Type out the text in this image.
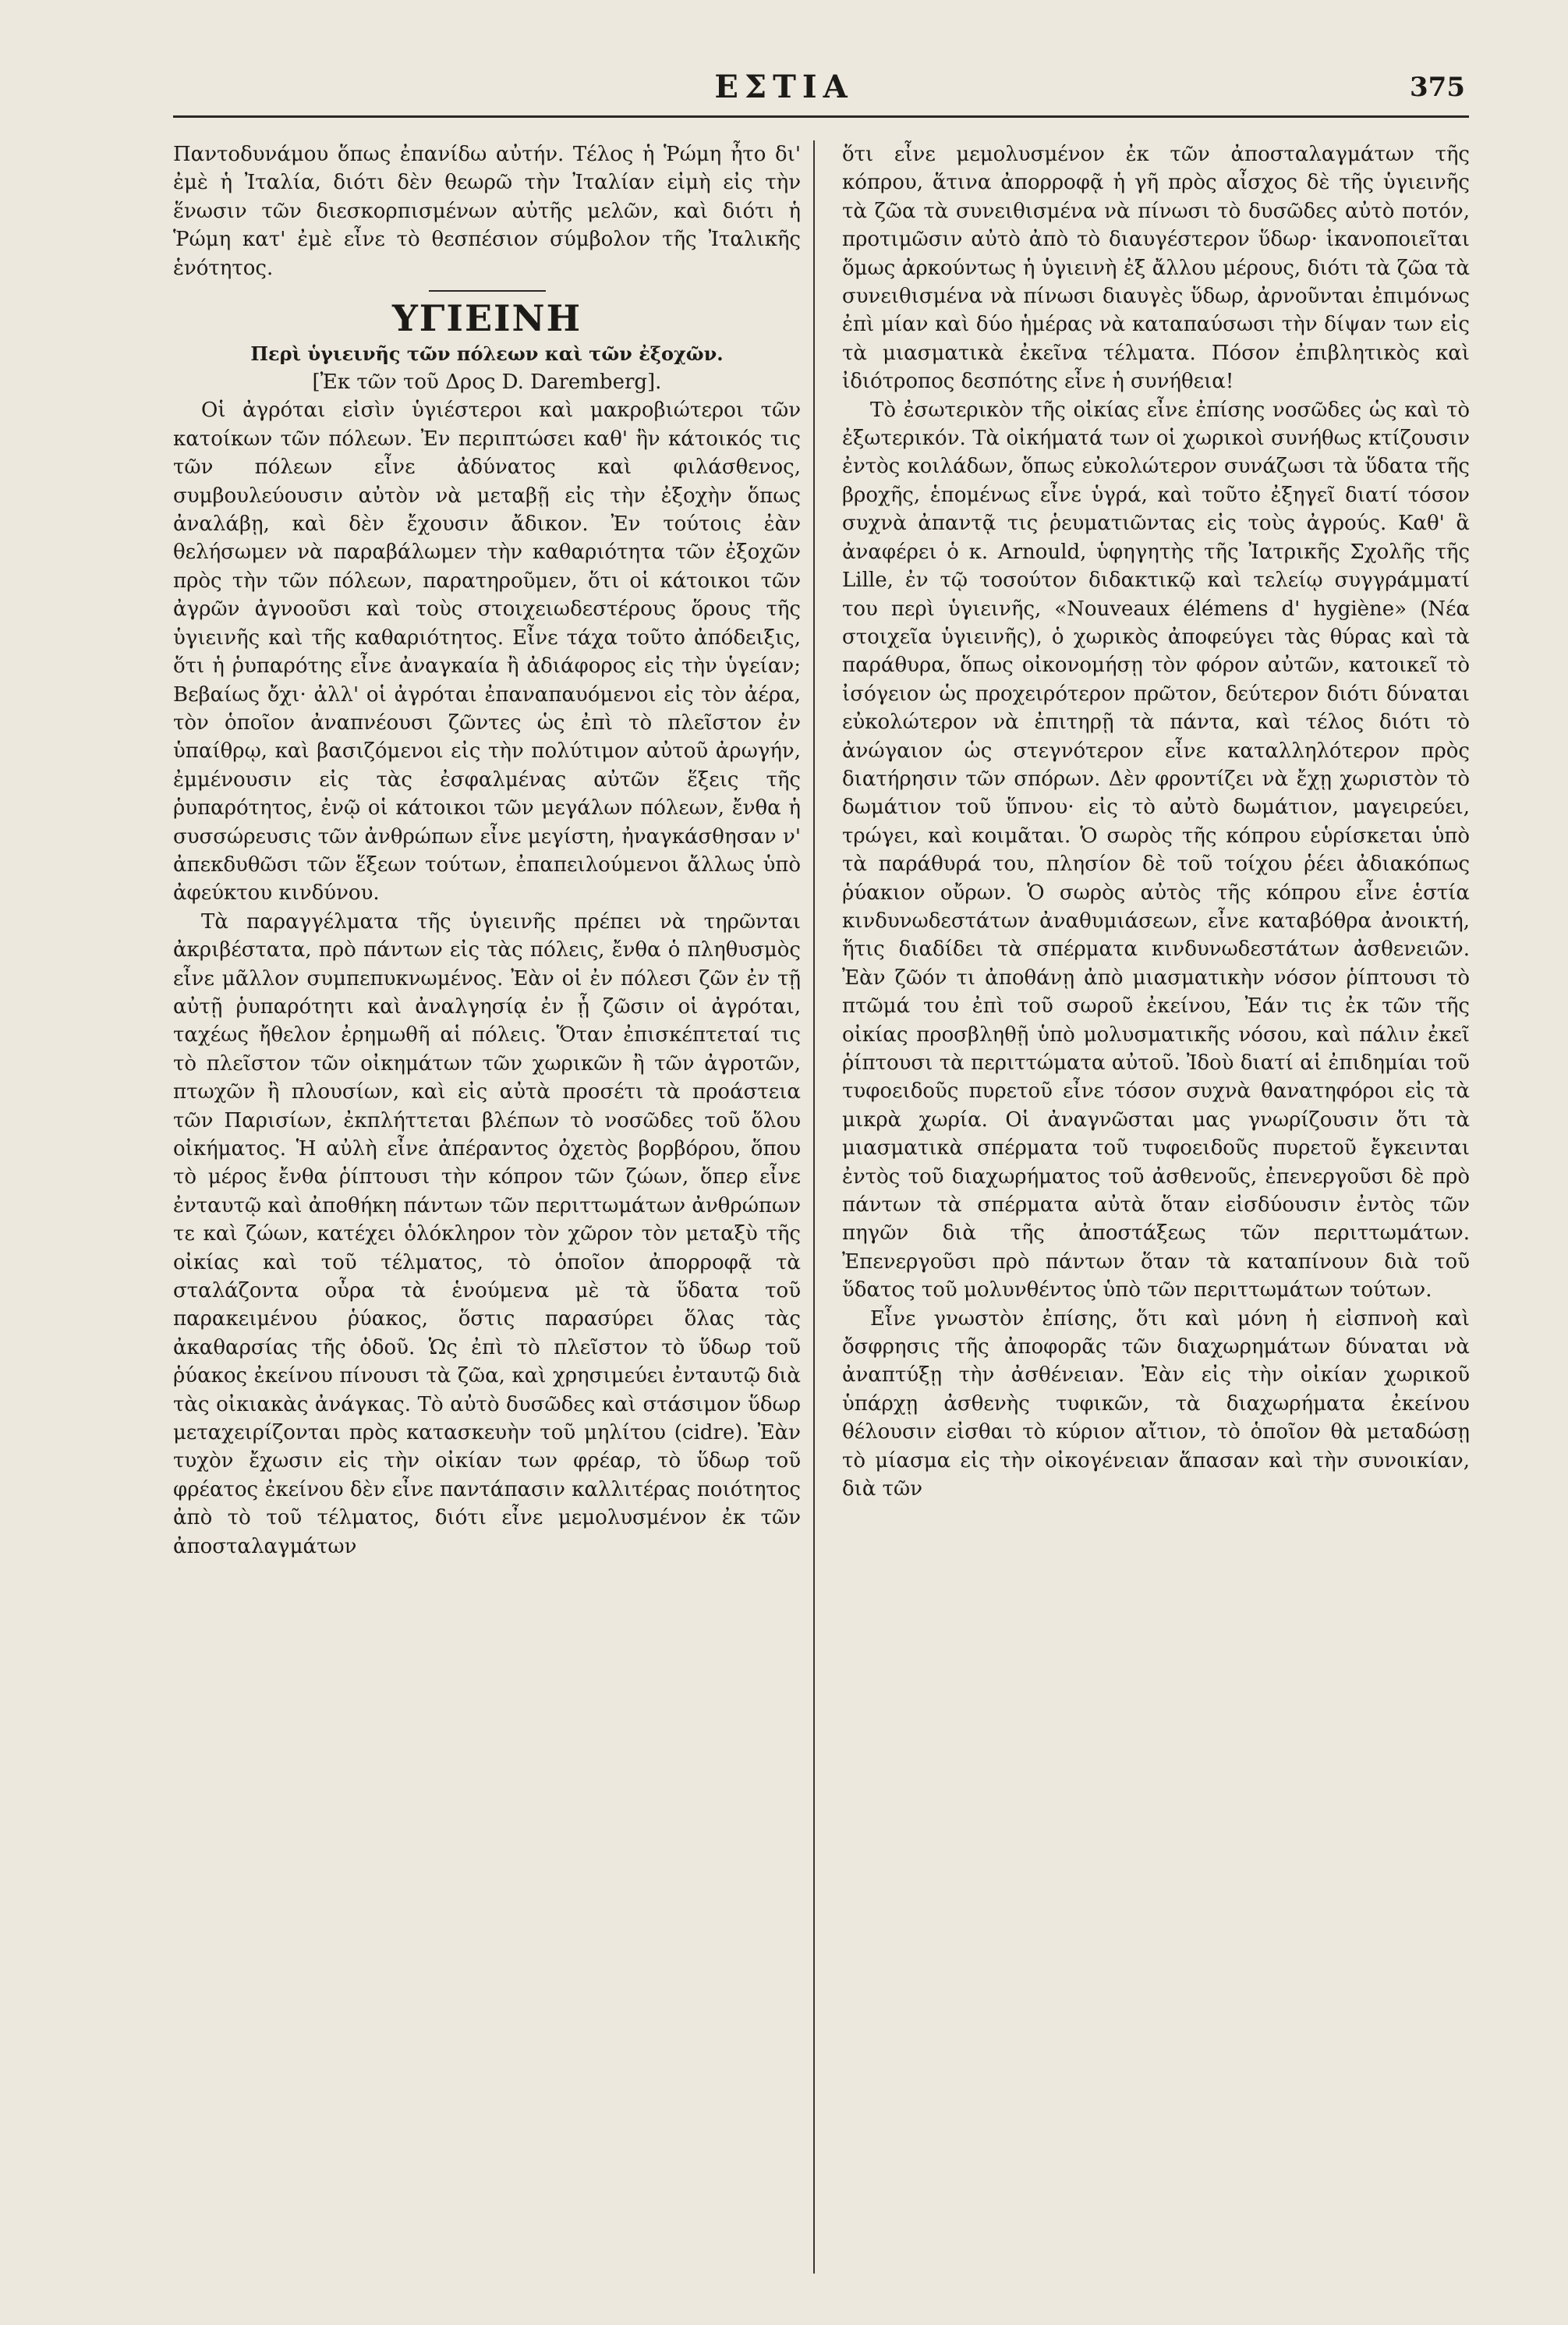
ΕΣΤΙΑ	375

Παντοδυνάμου ὅπως ἐπανίδω αὐτήν. Τέλος ἡ Ῥώμη ἦτο δι' ἐμὲ ἡ Ἰταλία, διότι δὲν θεωρῶ τὴν Ἰταλίαν εἰμὴ εἰς τὴν ἕνωσιν τῶν διεσκορπισμένων αὐτῆς μελῶν, καὶ διότι ἡ Ῥώμη κατ' ἐμὲ εἶνε τὸ θεσπέσιον σύμβολον τῆς Ἰταλικῆς ἑνότητος.

ΥΓΙΕΙΝΗ

Περὶ ὑγιεινῆς τῶν πόλεων καὶ τῶν ἐξοχῶν.

[Ἐκ τῶν τοῦ Δρος D. Daremberg].

Οἱ ἀγρόται εἰσὶν ὑγιέστεροι καὶ μακροβιώτεροι τῶν κατοίκων τῶν πόλεων. Ἐν περιπτώσει καθ' ἣν κάτοικός τις τῶν πόλεων εἶνε ἀδύνατος καὶ φιλάσθενος, συμβουλεύουσιν αὐτὸν νὰ μεταβῇ εἰς τὴν ἐξοχὴν ὅπως ἀναλάβῃ, καὶ δὲν ἔχουσιν ἄδικον. Ἐν τούτοις ἐὰν θελήσωμεν νὰ παραβάλωμεν τὴν καθαριότητα τῶν ἐξοχῶν πρὸς τὴν τῶν πόλεων, παρατηροῦμεν, ὅτι οἱ κάτοικοι τῶν ἀγρῶν ἀγνοοῦσι καὶ τοὺς στοιχειωδεστέρους ὅρους τῆς ὑγιεινῆς καὶ τῆς καθαριότητος. Εἶνε τάχα τοῦτο ἀπόδειξις, ὅτι ἡ ῥυπαρότης εἶνε ἀναγκαία ἢ ἀδιάφορος εἰς τὴν ὑγείαν; Βεβαίως ὄχι· ἀλλ' οἱ ἀγρόται ἐπαναπαυόμενοι εἰς τὸν ἀέρα, τὸν ὁποῖον ἀναπνέουσι ζῶντες ὡς ἐπὶ τὸ πλεῖστον ἐν ὑπαίθρῳ, καὶ βασιζόμενοι εἰς τὴν πολύτιμον αὐτοῦ ἀρωγήν, ἐμμένουσιν εἰς τὰς ἐσφαλμένας αὐτῶν ἕξεις τῆς ῥυπαρότητος, ἐνῷ οἱ κάτοικοι τῶν μεγάλων πόλεων, ἔνθα ἡ συσσώρευσις τῶν ἀνθρώπων εἶνε μεγίστη, ἠναγκάσθησαν ν' ἀπεκδυθῶσι τῶν ἕξεων τούτων, ἐπαπειλούμενοι ἄλλως ὑπὸ ἀφεύκτου κινδύνου.

Τὰ παραγγέλματα τῆς ὑγιεινῆς πρέπει νὰ τηρῶνται ἀκριβέστατα, πρὸ πάντων εἰς τὰς πόλεις, ἔνθα ὁ πληθυσμὸς εἶνε μᾶλλον συμπεπυκνωμένος. Ἐὰν οἱ ἐν πόλεσι ζῶν ἐν τῇ αὐτῇ ῥυπαρότητι καὶ ἀναλγησίᾳ ἐν ᾗ ζῶσιν οἱ ἀγρόται, ταχέως ἤθελον ἐρημωθῆ αἱ πόλεις. Ὅταν ἐπισκέπτεταί τις τὸ πλεῖστον τῶν οἰκημάτων τῶν χωρικῶν ἢ τῶν ἀγροτῶν, πτωχῶν ἢ πλουσίων, καὶ εἰς αὐτὰ προσέτι τὰ προάστεια τῶν Παρισίων, ἐκπλήττεται βλέπων τὸ νοσῶδες τοῦ ὅλου οἰκήματος. Ἡ αὐλὴ εἶνε ἀπέραντος ὀχετὸς βορβόρου, ὅπου τὸ μέρος ἔνθα ῥίπτουσι τὴν κόπρον τῶν ζώων, ὅπερ εἶνε ἐνταυτῷ καὶ ἀποθήκη πάντων τῶν περιττωμάτων ἀνθρώπων τε καὶ ζώων, κατέχει ὁλόκληρον τὸν χῶρον τὸν μεταξὺ τῆς οἰκίας καὶ τοῦ τέλματος, τὸ ὁποῖον ἀπορροφᾷ τὰ σταλάζοντα οὖρα τὰ ἑνούμενα μὲ τὰ ὕδατα τοῦ παρακειμένου ῥύακος, ὅστις παρασύρει ὅλας τὰς ἀκαθαρσίας τῆς ὁδοῦ. Ὡς ἐπὶ τὸ πλεῖστον τὸ ὕδωρ τοῦ ῥύακος ἐκείνου πίνουσι τὰ ζῶα, καὶ χρησιμεύει ἐνταυτῷ διὰ τὰς οἰκιακὰς ἀνάγκας. Τὸ αὐτὸ δυσῶδες καὶ στάσιμον ὕδωρ μεταχειρίζονται πρὸς κατασκευὴν τοῦ μηλίτου (cidre). Ἐὰν τυχὸν ἔχωσιν εἰς τὴν οἰκίαν των φρέαρ, τὸ ὕδωρ τοῦ φρέατος ἐκείνου δὲν εἶνε παντάπασιν καλλιτέρας ποιότητος ἀπὸ τὸ τοῦ τέλματος, διότι εἶνε μεμολυσμένον ἐκ τῶν ἀποσταλαγμάτων

ὅτι εἶνε μεμολυσμένον ἐκ τῶν ἀποσταλαγμάτων τῆς κόπρου, ἅτινα ἀπορροφᾷ ἡ γῆ πρὸς αἶσχος δὲ τῆς ὑγιεινῆς τὰ ζῶα τὰ συνειθισμένα νὰ πίνωσι τὸ δυσῶδες αὐτὸ ποτόν, προτιμῶσιν αὐτὸ ἀπὸ τὸ διαυγέστερον ὕδωρ· ἱκανοποιεῖται ὅμως ἀρκούντως ἡ ὑγιεινὴ ἐξ ἄλλου μέρους, διότι τὰ ζῶα τὰ συνειθισμένα νὰ πίνωσι διαυγὲς ὕδωρ, ἀρνοῦνται ἐπιμόνως ἐπὶ μίαν καὶ δύο ἡμέρας νὰ καταπαύσωσι τὴν δίψαν των εἰς τὰ μιασματικὰ ἐκεῖνα τέλματα. Πόσον ἐπιβλητικὸς καὶ ἰδιότροπος δεσπότης εἶνε ἡ συνήθεια!

Τὸ ἐσωτερικὸν τῆς οἰκίας εἶνε ἐπίσης νοσῶδες ὡς καὶ τὸ ἐξωτερικόν. Τὰ οἰκήματά των οἱ χωρικοὶ συνήθως κτίζουσιν ἐντὸς κοιλάδων, ὅπως εὐκολώτερον συνάζωσι τὰ ὕδατα τῆς βροχῆς, ἑπομένως εἶνε ὑγρά, καὶ τοῦτο ἐξηγεῖ διατί τόσον συχνὰ ἀπαντᾷ τις ῥευματιῶντας εἰς τοὺς ἀγρούς. Καθ' ἃ ἀναφέρει ὁ κ. Arnould, ὑφηγητὴς τῆς Ἰατρικῆς Σχολῆς τῆς Lille, ἐν τῷ τοσούτον διδακτικῷ καὶ τελείῳ συγγράμματί του περὶ ὑγιεινῆς, «Nouveaux élémens d' hygiène» (Νέα στοιχεῖα ὑγιεινῆς), ὁ χωρικὸς ἀποφεύγει τὰς θύρας καὶ τὰ παράθυρα, ὅπως οἰκονομήσῃ τὸν φόρον αὐτῶν, κατοικεῖ τὸ ἰσόγειον ὡς προχειρότερον πρῶτον, δεύτερον διότι δύναται εὐκολώτερον νὰ ἐπιτηρῇ τὰ πάντα, καὶ τέλος διότι τὸ ἀνώγαιον ὡς στεγνότερον εἶνε καταλληλότερον πρὸς διατήρησιν τῶν σπόρων. Δὲν φροντίζει νὰ ἔχῃ χωριστὸν τὸ δωμάτιον τοῦ ὕπνου· εἰς τὸ αὐτὸ δωμάτιον, μαγειρεύει, τρώγει, καὶ κοιμᾶται. Ὁ σωρὸς τῆς κόπρου εὑρίσκεται ὑπὸ τὰ παράθυρά του, πλησίον δὲ τοῦ τοίχου ῥέει ἀδιακόπως ῥύακιον οὔρων. Ὁ σωρὸς αὐτὸς τῆς κόπρου εἶνε ἑστία κινδυνωδεστάτων ἀναθυμιάσεων, εἶνε καταβόθρα ἀνοικτή, ἥτις διαδίδει τὰ σπέρματα κινδυνωδεστάτων ἀσθενειῶν. Ἐὰν ζῶόν τι ἀποθάνῃ ἀπὸ μιασματικὴν νόσον ῥίπτουσι τὸ πτῶμά του ἐπὶ τοῦ σωροῦ ἐκείνου, Ἐάν τις ἐκ τῶν τῆς οἰκίας προσβληθῇ ὑπὸ μολυσματικῆς νόσου, καὶ πάλιν ἐκεῖ ῥίπτουσι τὰ περιττώματα αὐτοῦ. Ἰδοὺ διατί αἱ ἐπιδημίαι τοῦ τυφοειδοῦς πυρετοῦ εἶνε τόσον συχνὰ θανατηφόροι εἰς τὰ μικρὰ χωρία. Οἱ ἀναγνῶσται μας γνωρίζουσιν ὅτι τὰ μιασματικὰ σπέρματα τοῦ τυφοειδοῦς πυρετοῦ ἔγκεινται ἐντὸς τοῦ διαχωρήματος τοῦ ἀσθενοῦς, ἐπενεργοῦσι δὲ πρὸ πάντων τὰ σπέρματα αὐτὰ ὅταν εἰσδύουσιν ἐντὸς τῶν πηγῶν διὰ τῆς ἀποστάξεως τῶν περιττωμάτων. Ἐπενεργοῦσι πρὸ πάντων ὅταν τὰ καταπίνουν διὰ τοῦ ὕδατος τοῦ μολυνθέντος ὑπὸ τῶν περιττωμάτων τούτων.

Εἶνε γνωστὸν ἐπίσης, ὅτι καὶ μόνη ἡ εἰσπνοὴ καὶ ὄσφρησις τῆς ἀποφορᾶς τῶν διαχωρημάτων δύναται νὰ ἀναπτύξῃ τὴν ἀσθένειαν. Ἐὰν εἰς τὴν οἰκίαν χωρικοῦ ὑπάρχῃ ἀσθενὴς τυφικῶν, τὰ διαχωρήματα ἐκείνου θέλουσιν εἰσθαι τὸ κύριον αἴτιον, τὸ ὁποῖον θὰ μεταδώσῃ τὸ μίασμα εἰς τὴν οἰκογένειαν ἅπασαν καὶ τὴν συνοικίαν, διὰ τῶν
